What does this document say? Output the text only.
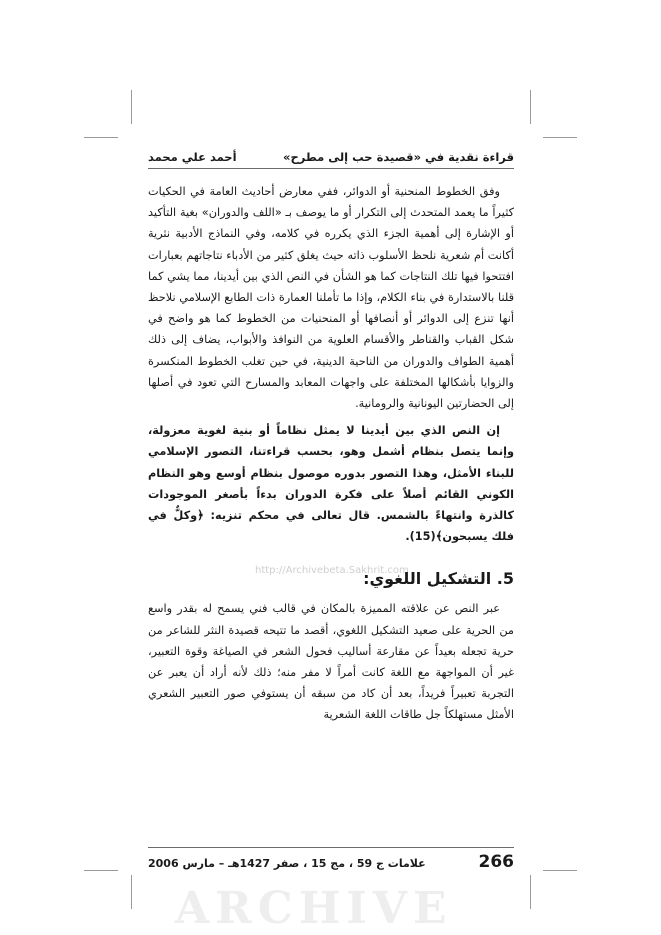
http://Archivebeta.Sakhrit.com
قراءة نقدية في «قصيدة حب إلى مطرح»
أحمد علي محمد

وفق الخطوط المنحنية أو الدوائر، ففي معارض أحاديث العامة في الحكيات كثيراً ما يعمد المتحدث إلى التكرار أو ما يوصف بـ «اللف والدوران» بغية التأكيد أو الإشارة إلى أهمية الجزء الذي يكرره في كلامه، وفي النماذج الأدبية نثرية أكانت أم شعرية نلحظ الأسلوب ذاته حيث يغلق كثير من الأدباء نتاجاتهم بعبارات افتتحوا فيها تلك النتاجات كما هو الشأن في النص الذي بين أيدينا، مما يشي كما قلنا بالاستدارة في بناء الكلام، وإذا ما تأملنا العمارة ذات الطابع الإسلامي نلاحظ أنها تنزع إلى الدوائر أو أنصافها أو المنحنيات من الخطوط كما هو واضح في شكل القباب والقناطر والأقسام العلوية من النوافذ والأبواب، يضاف إلى ذلك أهمية الطواف والدوران من الناحية الدينية، في حين تغلب الخطوط المنكسرة والزوايا بأشكالها المختلفة على واجهات المعابد والمسارح التي تعود في أصلها إلى الحضارتين اليونانية والرومانية.

إن النص الذي بين أيدينا لا يمثل نظاماً أو بنية لغوية معزولة، وإنما يتصل بنظام أشمل وهو، بحسب قراءتنا، التصور الإسلامي للبناء الأمثل، وهذا التصور بدوره موصول بنظام أوسع وهو النظام الكوني القائم أصلاً على فكرة الدوران بدءاً بأصغر الموجودات كالذرة وانتهاءً بالشمس. قال تعالى في محكم تنزيه: ﴿وكلٌّ في فلك يسبحون﴾(15).

5. التشكيل اللغوي:

عبر النص عن علاقته المميزة بالمكان في قالب فني يسمح له بقدر واسع من الحرية على صعيد التشكيل اللغوي، أقصد ما تتيحه قصيدة النثر للشاعر من حرية تجعله بعيداً عن مقارعة أساليب فحول الشعر في الصياغة وقوة التعبير، غير أن المواجهة مع اللغة كانت أمراً لا مفر منه؛ ذلك لأنه أراد أن يعبر عن التجربة تعبيراً فريداً، بعد أن كاد من سبقه أن يستوفي صور التعبير الشعري الأمثل مستهلكاً جل طاقات اللغة الشعرية

266
علامات ج 59 ، مج 15 ، صفر 1427هـ – مارس 2006
ARCHIVE
